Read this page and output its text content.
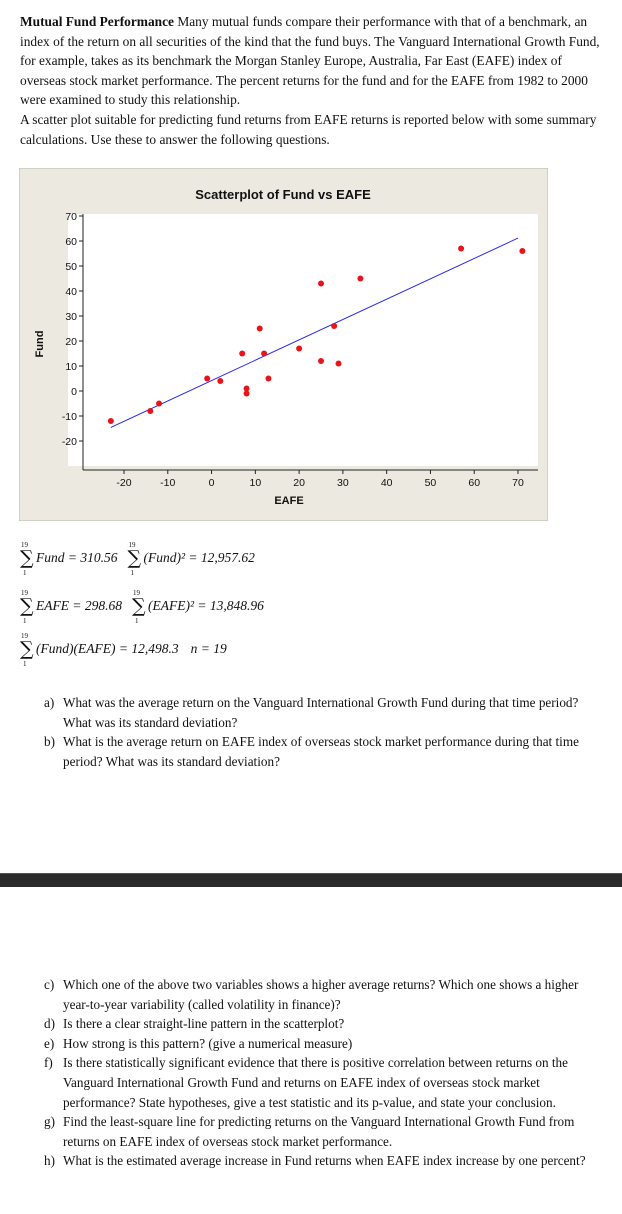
Mutual Fund Performance Many mutual funds compare their performance with that of a benchmark, an index of the return on all securities of the kind that the fund buys. The Vanguard International Growth Fund, for example, takes as its benchmark the Morgan Stanley Europe, Australia, Far East (EAFE) index of overseas stock market performance. The percent returns for the fund and for the EAFE from 1982 to 2000 were examined to study this relationship.
A scatter plot suitable for predicting fund returns from EAFE returns is reported below with some summary calculations. Use these to answer the following questions.

Scatterplot of Fund vs EAFE
EAFE
Fund
-20	-10	0	10	20	30	40	50	60	70
-20
-10
0
10
20
30
40
50
60
70
19
∑
1
Fund = 310.56
19
∑
1
(Fund)² = 12,957.62
19
∑
1
EAFE = 298.68
19
∑
1
(EAFE)² = 13,848.96
19
∑
1
(Fund)(EAFE) = 12,498.3 n = 19
a) What was the average return on the Vanguard International Growth Fund during that time period? What was its standard deviation?
b) What is the average return on EAFE index of overseas stock market performance during that time period? What was its standard deviation?
c) Which one of the above two variables shows a higher average returns? Which one shows a higher year-to-year variability (called volatility in finance)?
d) Is there a clear straight-line pattern in the scatterplot?
e) How strong is this pattern? (give a numerical measure)
f) Is there statistically significant evidence that there is positive correlation between returns on the Vanguard International Growth Fund and returns on EAFE index of overseas stock market performance? State hypotheses, give a test statistic and its p-value, and state your conclusion.
g) Find the least-square line for predicting returns on the Vanguard International Growth Fund from returns on EAFE index of overseas stock market performance.
h) What is the estimated average increase in Fund returns when EAFE index increase by one percent?
